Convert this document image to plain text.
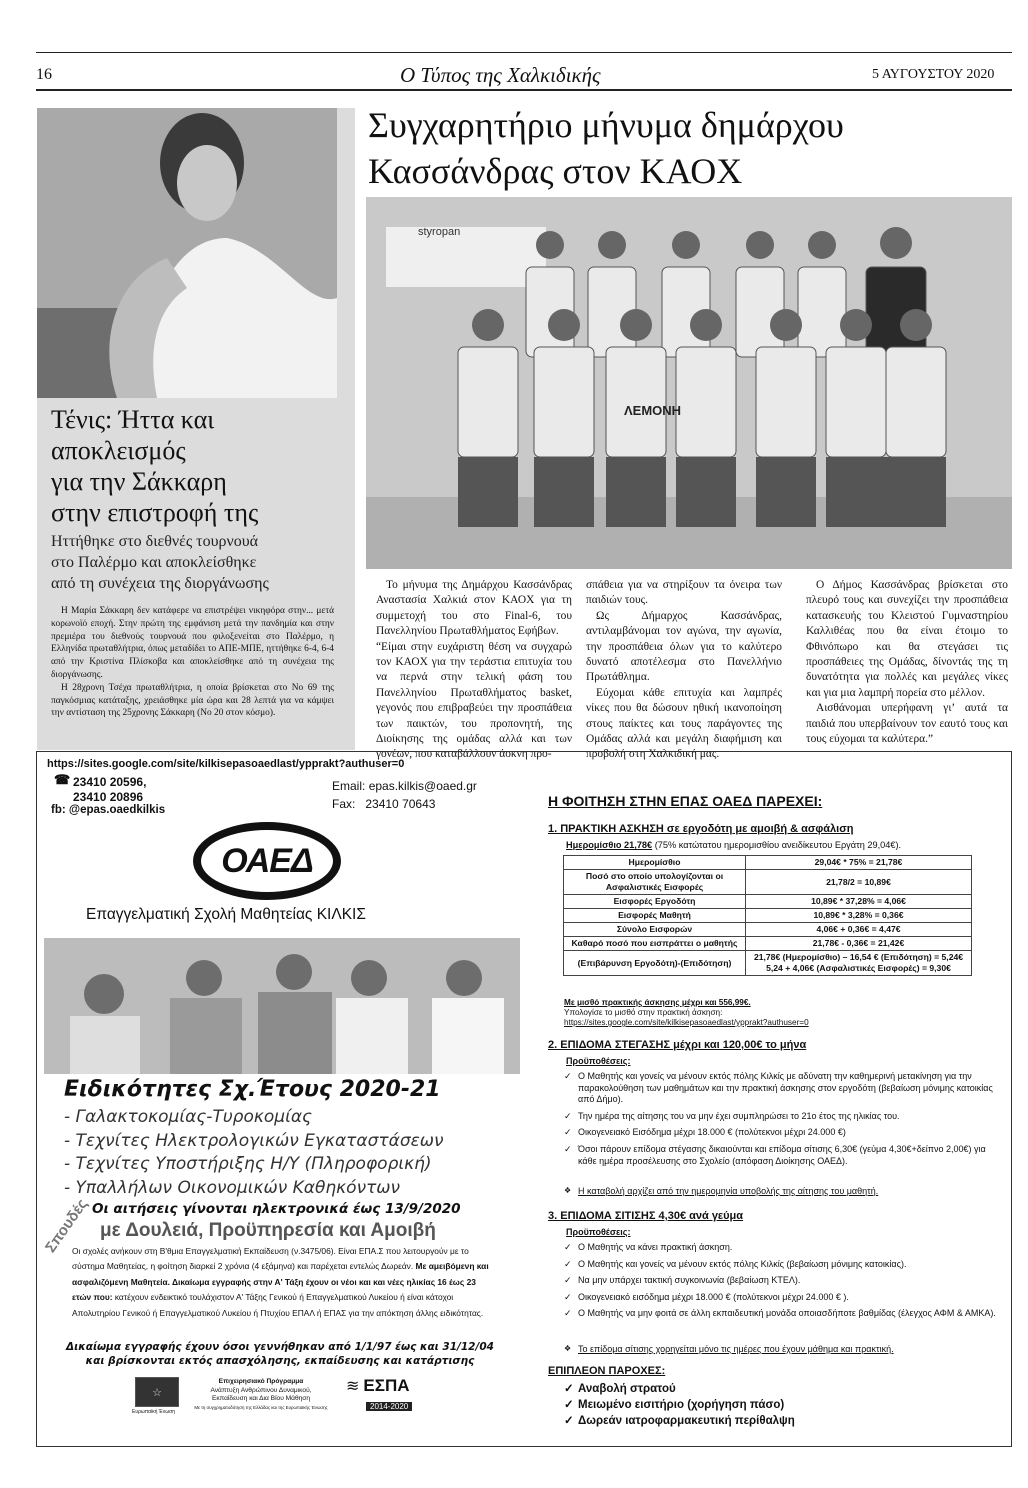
16	Ο Τύπος της Χαλκιδικής	5 ΑΥΓΟΥΣΤΟΥ 2020
Τένις: Ήττα και
αποκλεισμός
για την Σάκκαρη
στην επιστροφή της
Ηττήθηκε στο διεθνές τουρνουά
στο Παλέρμο και αποκλείσθηκε
από τη συνέχεια της διοργάνωσης

Η Μαρία Σάκκαρη δεν κατάφερε να επιστρέψει νικηφόρα στην... μετά κορωνοϊό εποχή. Στην πρώτη της εμφάνιση μετά την πανδημία και στην πρεμιέρα του διεθνούς τουρνουά που φιλοξενείται στο Παλέρμο, η Ελληνίδα πρωταθλήτρια, όπως μεταδίδει το ΑΠΕ-ΜΠΕ, ηττήθηκε 6-4, 6-4 από την Κριστίνα Πλίσκοβα και αποκλείσθηκε από τη συνέχεια της διοργάνωσης.

Η 28χρονη Τσέχα πρωταθλήτρια, η οποία βρίσκεται στο Νο 69 της παγκόσμιας κατάταξης, χρειάσθηκε μία ώρα και 28 λεπτά για να κάμψει την αντίσταση της 25χρονης Σάκκαρη (Νο 20 στον κόσμο).

Συγχαρητήριο μήνυμα δημάρχου
Κασσάνδρας στον ΚΑΟΧ
styropan
ΛΕΜΟΝΗ

Το μήνυμα της Δημάρχου Κασσάνδρας Αναστασία Χαλκιά στον ΚΑΟΧ για τη συμμετοχή του στο Final-6, του Πανελληνίου Πρωταθλήματος Εφήβων.

“Είμαι στην ευχάριστη θέση να συγχαρώ τον ΚΑΟΧ για την τεράστια επιτυχία του να περνά στην τελική φάση του Πανελληνίου Πρωταθλήματος basket, γεγονός που επιβραβεύει την προσπάθεια των παικτών, του προπονητή, της Διοίκησης της ομάδας αλλά και των γονέων, που καταβάλλουν άοκνη προ-

σπάθεια για να στηρίξουν τα όνειρα των παιδιών τους.

Ως Δήμαρχος Κασσάνδρας, αντιλαμβάνομαι τον αγώνα, την αγωνία, την προσπάθεια όλων για το καλύτερο δυνατό αποτέλεσμα στο Πανελλήνιο Πρωτάθλημα.

Εύχομαι κάθε επιτυχία και λαμπρές νίκες που θα δώσουν ηθική ικανοποίηση στους παίκτες και τους παράγοντες της Ομάδας αλλά και μεγάλη διαφήμιση και προβολή στη Χαλκιδική μας.

Ο Δήμος Κασσάνδρας βρίσκεται στο πλευρό τους και συνεχίζει την προσπάθεια κατασκευής του Κλειστού Γυμναστηρίου Καλλιθέας που θα είναι έτοιμο το Φθινόπωρο και θα στεγάσει τις προσπάθειες της Ομάδας, δίνοντάς της τη δυνατότητα για πολλές και μεγάλες νίκες και για μια λαμπρή πορεία στο μέλλον.

Αισθάνομαι υπερήφανη γι’ αυτά τα παιδιά που υπερβαίνουν τον εαυτό τους και τους εύχομαι τα καλύτερα.”

https://sites.google.com/site/kilkisepasoaedlast/ypprakt?authuser=0
☎ 23410 20596,
23410 20896
fb: @epas.oaedkilkis
Email: epas.kilkis@oaed.gr
Fax: 23410 70643
ΟΑΕΔ
Επαγγελματική Σχολή Μαθητείας ΚΙΛΚΙΣ
Ειδικότητες Σχ.Έτους 2020-21
- Γαλακτοκομίας-Τυροκομίας
- Τεχνίτες Ηλεκτρολογικών Εγκαταστάσεων
- Τεχνίτες Υποστήριξης Η/Υ (Πληροφορική)
- Υπαλλήλων Οικονομικών Καθηκόντων
Οι αιτήσεις γίνονται ηλεκτρονικά έως 13/9/2020
Σπουδές με Δουλειά, Προϋπηρεσία και Αμοιβή
Οι σχολές ανήκουν στη Β'θμια Επαγγελματική Εκπαίδευση (ν.3475/06). Είναι ΕΠΑ.Σ που λειτουργούν με το σύστημα Μαθητείας, η φοίτηση διαρκεί 2 χρόνια (4 εξάμηνα) και παρέχεται εντελώς Δωρεάν. Με αμειβόμενη και ασφαλιζόμενη Μαθητεία. Δικαίωμα εγγραφής στην Α' Τάξη έχουν οι νέοι και και νέες ηλικίας 16 έως 23 ετών που: κατέχουν ενδεικτικό τουλάχιστον Α' Τάξης Γενικού ή Επαγγελματικού Λυκείου ή είναι κάτοχοι Απολυτηρίου Γενικού ή Επαγγελματικού Λυκείου ή Πτυχίου ΕΠΑΛ ή ΕΠΑΣ για την απόκτηση άλλης ειδικότητας.
Δικαίωμα εγγραφής έχουν όσοι γεννήθηκαν από 1/1/97 έως και 31/12/04
και βρίσκονται εκτός απασχόλησης, εκπαίδευσης και κατάρτισης
☆
Ευρωπαϊκή Ένωση
Επιχειρησιακό Πρόγραμμα
Ανάπτυξη Ανθρώπινου Δυναμικού,
Εκπαίδευση και Δια Βίου Μάθηση
Με τη συγχρηματοδότηση της Ελλάδας και της Ευρωπαϊκής Ένωσης
≋ ΕΣΠΑ
2014-2020
Η ΦΟΙΤΗΣΗ ΣΤΗΝ ΕΠΑΣ ΟΑΕΔ ΠΑΡΕΧΕΙ:
1. ΠΡΑΚΤΙΚΗ ΑΣΚΗΣΗ σε εργοδότη με αμοιβή & ασφάλιση
Ημερομίσθιο 21,78€ (75% κατώτατου ημερομισθίου ανειδίκευτου Εργάτη 29,04€).
Ημερομίσθιο	29,04€ * 75% = 21,78€
Ποσό στο οποίο υπολογίζονται οι Ασφαλιστικές Εισφορές	21,78/2 = 10,89€
Εισφορές Εργοδότη	10,89€ * 37,28% = 4,06€
Εισφορές Μαθητή	10,89€ * 3,28% = 0,36€
Σύνολο Εισφορών	4,06€ + 0,36€ = 4,47€
Καθαρό ποσό που εισπράττει ο μαθητής	21,78€ - 0,36€ = 21,42€
(Επιβάρυνση Εργοδότη)-(Επιδότηση)	21,78€ (Ημερομίσθιο) – 16,54 € (Επιδότηση) = 5,24€
5,24 + 4,06€ (Ασφαλιστικές Εισφορές) = 9,30€
Με μισθό πρακτικής άσκησης μέχρι και 556,99€.
Υπολογίσε το μισθό στην πρακτική άσκηση:
https://sites.google.com/site/kilkisepasoaedlast/ypprakt?authuser=0
2. ΕΠΙΔΟΜΑ ΣΤΕΓΑΣΗΣ μέχρι και 120,00€ το μήνα
Προϋποθέσεις:
✓ Ο Μαθητής και γονείς να μένουν εκτός πόλης Κιλκίς με αδύνατη την καθημερινή μετακίνηση για την παρακολούθηση των μαθημάτων και την πρακτική άσκησης στον εργοδότη (βεβαίωση μόνιμης κατοικίας από Δήμο).
✓ Την ημέρα της αίτησης του να μην έχει συμπληρώσει το 21ο έτος της ηλικίας του.
✓ Οικογενειακό Εισόδημα μέχρι 18.000 € (πολύτεκνοι μέχρι 24.000 €)
✓ Όσοι πάρουν επίδομα στέγασης δικαιούνται και επίδομα σίτισης 6,30€ (γεύμα 4,30€+δείπνο 2,00€) για κάθε ημέρα προσέλευσης στο Σχολείο (απόφαση Διοίκησης ΟΑΕΔ).
❖ Η καταβολή αρχίζει από την ημερομηνία υποβολής της αίτησης του μαθητή.
3. ΕΠΙΔΟΜΑ ΣΙΤΙΣΗΣ 4,30€ ανά γεύμα
Προϋποθέσεις:
✓ Ο Μαθητής να κάνει πρακτική άσκηση.
✓ Ο Μαθητής και γονείς να μένουν εκτός πόλης Κιλκίς (βεβαίωση μόνιμης κατοικίας).
✓ Να μην υπάρχει τακτική συγκοινωνία (βεβαίωση ΚΤΕΛ).
✓ Οικογενειακό εισόδημα μέχρι 18.000 € (πολύτεκνοι μέχρι 24.000 € ).
✓ Ο Μαθητής να μην φοιτά σε άλλη εκπαιδευτική μονάδα οποιασδήποτε βαθμίδας (έλεγχος ΑΦΜ & ΑΜΚΑ).
❖ Το επίδομα σίτισης χορηγείται μόνο τις ημέρες που έχουν μάθημα και πρακτική.
ΕΠΙΠΛΕΟΝ ΠΑΡΟΧΕΣ:
✓ Αναβολή στρατού
✓ Μειωμένο εισιτήριο (χορήγηση πάσο)
✓ Δωρεάν ιατροφαρμακευτική περίθαλψη
